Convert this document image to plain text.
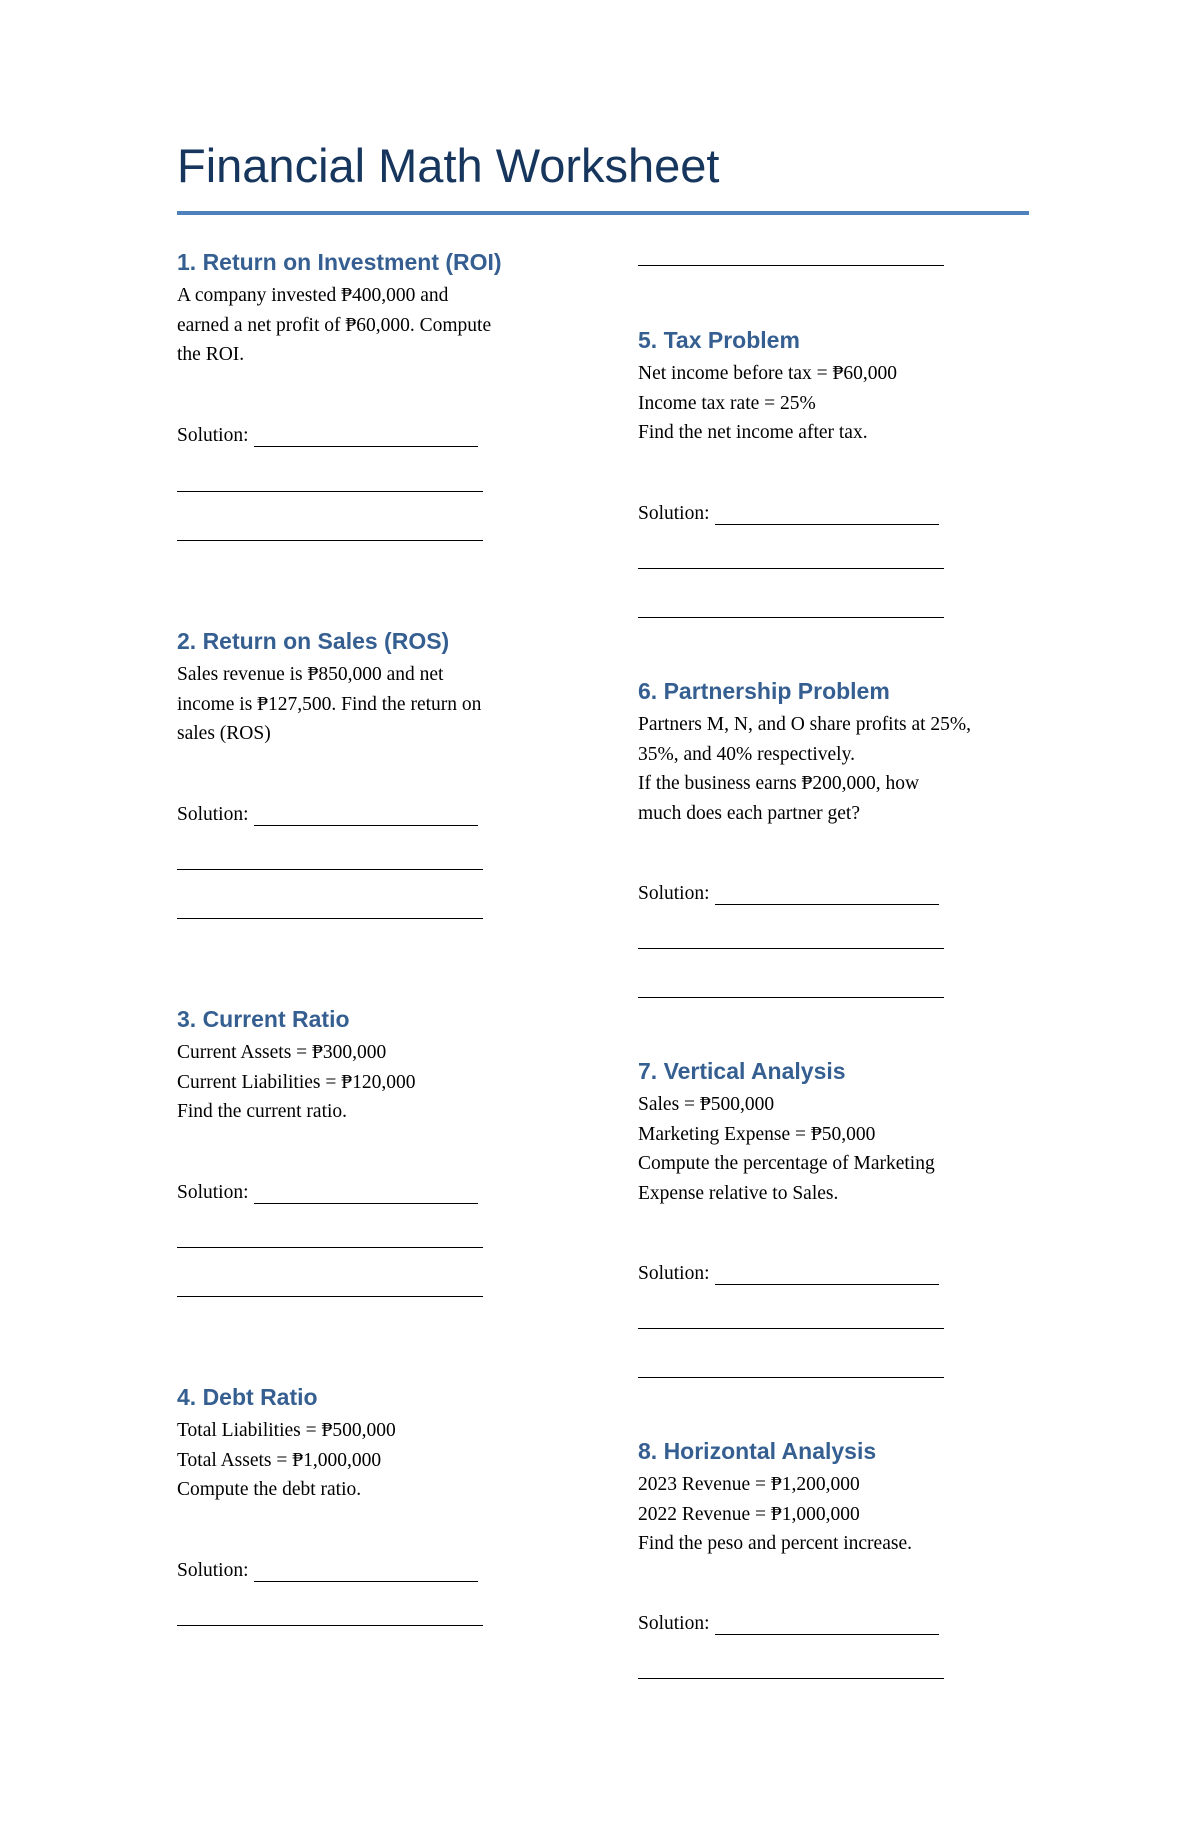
Financial Math Worksheet
1. Return on Investment (ROI)
A company invested ₱400,000 and
earned a net profit of ₱60,000. Compute
the ROI.
Solution:
2. Return on Sales (ROS)
Sales revenue is ₱850,000 and net
income is ₱127,500. Find the return on
sales (ROS)
Solution:
3. Current Ratio
Current Assets = ₱300,000
Current Liabilities = ₱120,000
Find the current ratio.
Solution:
4. Debt Ratio
Total Liabilities = ₱500,000
Total Assets = ₱1,000,000
Compute the debt ratio.
Solution:
5. Tax Problem
Net income before tax = ₱60,000
Income tax rate = 25%
Find the net income after tax.
Solution:
6. Partnership Problem
Partners M, N, and O share profits at 25%,
35%, and 40% respectively.
If the business earns ₱200,000, how
much does each partner get?
Solution:
7. Vertical Analysis
Sales = ₱500,000
Marketing Expense = ₱50,000
Compute the percentage of Marketing
Expense relative to Sales.
Solution:
8. Horizontal Analysis
2023 Revenue = ₱1,200,000
2022 Revenue = ₱1,000,000
Find the peso and percent increase.
Solution:
